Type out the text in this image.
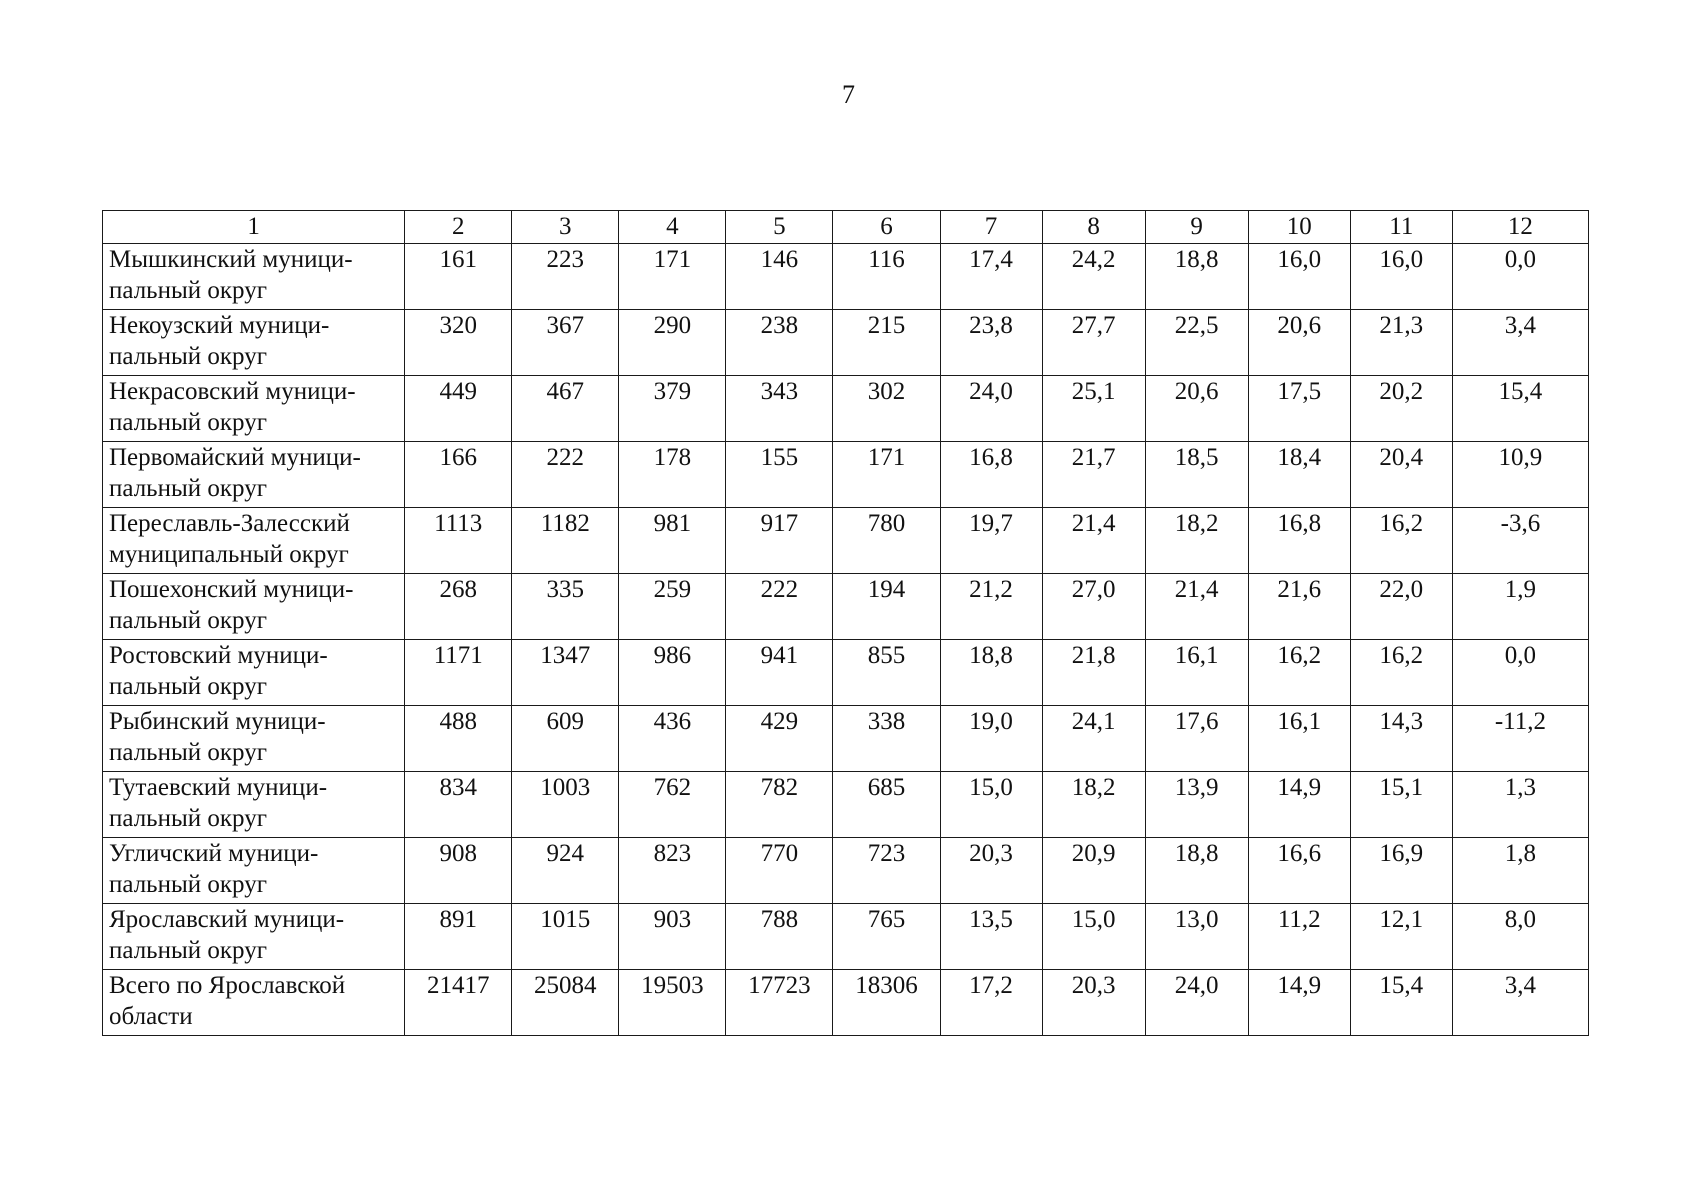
7
1	2	3	4	5	6	7	8	9	10	11	12
Мышкинский муници-
пальный округ	161	223	171	146	116	17,4	24,2	18,8	16,0	16,0	0,0
Некоузский муници-
пальный округ	320	367	290	238	215	23,8	27,7	22,5	20,6	21,3	3,4
Некрасовский муници-
пальный округ	449	467	379	343	302	24,0	25,1	20,6	17,5	20,2	15,4
Первомайский муници-
пальный округ	166	222	178	155	171	16,8	21,7	18,5	18,4	20,4	10,9
Переславль-Залесский
муниципальный округ	1113	1182	981	917	780	19,7	21,4	18,2	16,8	16,2	-3,6
Пошехонский муници-
пальный округ	268	335	259	222	194	21,2	27,0	21,4	21,6	22,0	1,9
Ростовский муници-
пальный округ	1171	1347	986	941	855	18,8	21,8	16,1	16,2	16,2	0,0
Рыбинский муници-
пальный округ	488	609	436	429	338	19,0	24,1	17,6	16,1	14,3	-11,2
Тутаевский муници-
пальный округ	834	1003	762	782	685	15,0	18,2	13,9	14,9	15,1	1,3
Угличский муници-
пальный округ	908	924	823	770	723	20,3	20,9	18,8	16,6	16,9	1,8
Ярославский муници-
пальный округ	891	1015	903	788	765	13,5	15,0	13,0	11,2	12,1	8,0
Всего по Ярославской
области	21417	25084	19503	17723	18306	17,2	20,3	24,0	14,9	15,4	3,4
